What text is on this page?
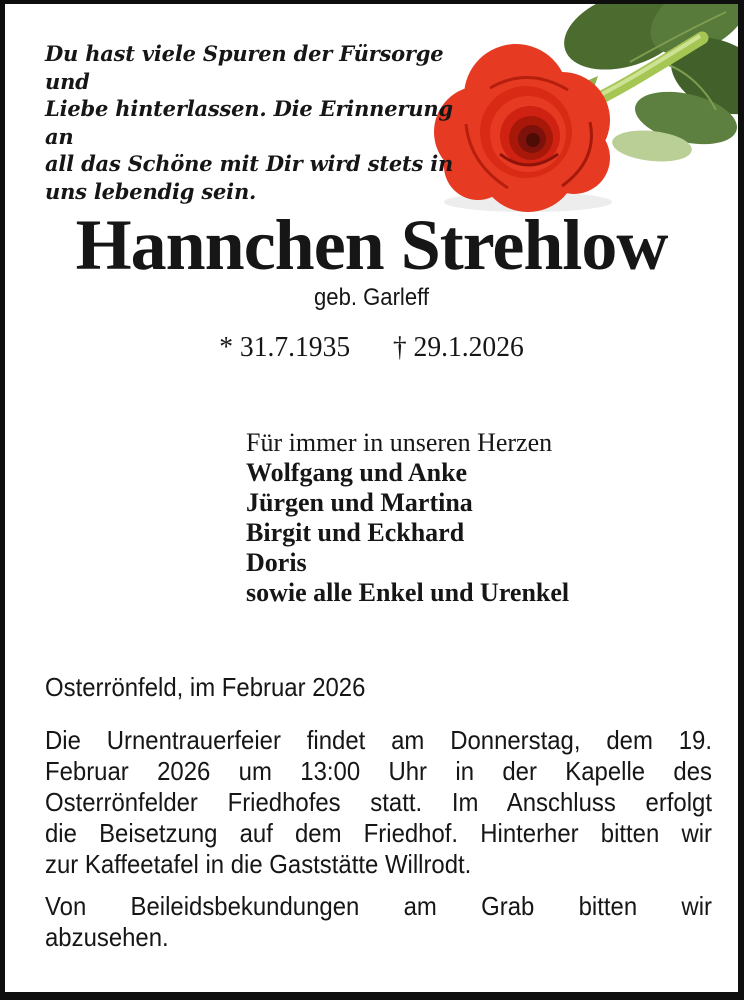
Du hast viele Spuren der Fürsorge und
Liebe hinterlassen. Die Erinnerung an
all das Schöne mit Dir wird stets in
uns lebendig sein.
Hannchen Strehlow
geb. Garleff
* 31.7.1935 † 29.1.2026
Für immer in unseren Herzen
Wolfgang und Anke
Jürgen und Martina
Birgit und Eckhard
Doris
sowie alle Enkel und Urenkel
Osterrönfeld, im Februar 2026
Die Urnentrauerfeier findet am Donnerstag, dem 19.
Februar 2026 um 13:00 Uhr in der Kapelle des
Osterrönfelder Friedhofes statt. Im Anschluss erfolgt
die Beisetzung auf dem Friedhof. Hinterher bitten wir
zur Kaffeetafel in die Gaststätte Willrodt.
Von Beileidsbekundungen am Grab bitten wir
abzusehen.
